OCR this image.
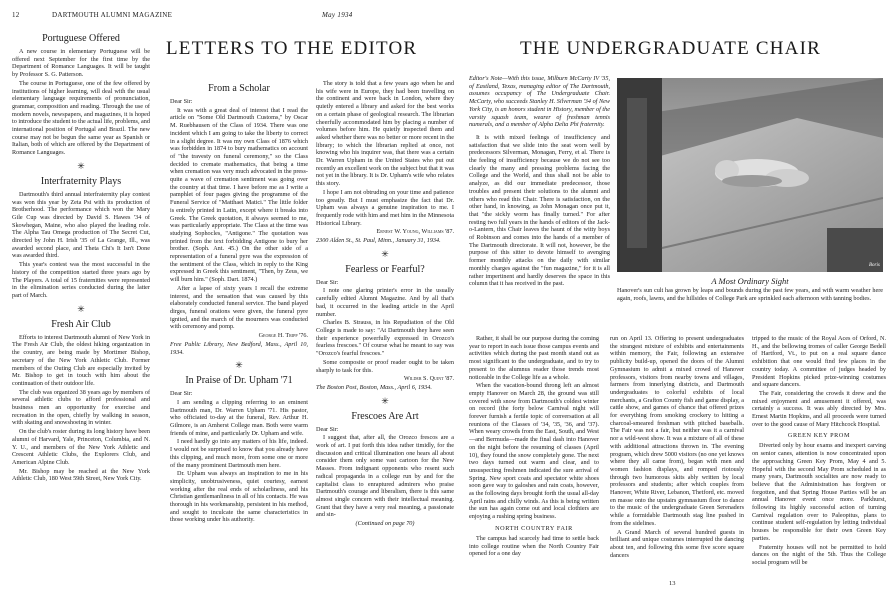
12	DARTMOUTH ALUMNI MAGAZINE	May 1934
LETTERS TO THE EDITOR	THE UNDERGRADUATE CHAIR
Portuguese Offered

A new course in elementary Portuguese will be offered next September for the first time by the Department of Romance Languages. It will be taught by Professor S. G. Patterson.

The course in Portuguese, one of the few offered by institutions of higher learning, will deal with the usual elementary language requirements of pronunciation, grammar, composition and reading. Through the use of modern novels, newspapers, and magazines, it is hoped to introduce the student to the actual life, problems, and international position of Portugal and Brazil. The new course may not be begun the same year as Spanish or Italian, both of which are offered by the Department of Romance Languages.

✳
Interfraternity Plays

Dartmouth's third annual interfraternity play contest was won this year by Zeta Psi with its production of Brotherhood. The performance which won the Mary Gile Cup was directed by David S. Hawes '34 of Skowhegan, Maine, who also played the leading role. The Alpha Tau Omega production of The Secret Cut, directed by John H. Irish '35 of La Grange, Ill., was awarded second place, and Theta Chi's It Isn't Done was awarded third.

This year's contest was the most successful in the history of the competition started three years ago by The Players. A total of 15 fraternities were represented in the elimination series conducted during the latter part of March.

✳
Fresh Air Club

Efforts to interest Dartmouth alumni of New York in The Fresh Air Club, the oldest hiking organization in the country, are being made by Mortimer Bishop, secretary of the New York Athletic Club. Former members of the Outing Club are especially invited by Mr. Bishop to get in touch with him about the continuation of their outdoor life.

The club was organized 38 years ago by members of several athletic clubs to afford professional and business men an opportunity for exercise and recreation in the open, chiefly by walking in season, with skating and snowshoeing in winter.

On the club's roster during its long history have been alumni of Harvard, Yale, Princeton, Columbia, and N. Y. U., and members of the New York Athletic and Crescent Athletic Clubs, the Explorers Club, and American Alpine Club.

Mr. Bishop may be reached at the New York Athletic Club, 180 West 59th Street, New York City.

From a Scholar

Dear Sir:

It was with a great deal of interest that I read the article on "Some Old Dartmouth Customs," by Oscar M. Ruebhausen of the Class of 1934. There was one incident which I am going to take the liberty to correct in a slight degree. It was my own Class of 1876 which was forbidden in 1874 to bury mathematics on account of "the travesty on funeral ceremony," so the Class decided to cremate mathematics, that being a time when cremation was very much advocated in the press-quite a wave of cremation sentiment was going over the country at that time. I have before me as I write a pamphlet of four pages giving the programme of the Funeral Service of "Matthaei Matici." The little folder is entirely printed in Latin, except where it breaks into Greek. The Greek quotation, it always seemed to me, was particularly appropriate. The Class at the time was studying Sophocles, "Antigone." The quotation was printed from the text forbidding Antigone to bury her brother. (Soph. Ant. 45.) On the other side of a representation of a funeral pyre was the expression of the sentiment of the Class, which in reply to the King expressed in Greek this sentiment, "Then, by Zeus, we will burn him." (Soph. Dart. 1874.)

After a lapse of sixty years I recall the extreme interest, and the sensation that was caused by this elaborately conducted funeral service. The band played dirges, funeral orations were given, the funeral pyre ignited, and the march of the mourners was conducted with ceremony and pomp.

George H. Tripp '76.

Free Public Library, New Bedford, Mass., April 10, 1934.

✳
In Praise of Dr. Upham '71

Dear Sir:

I am sending a clipping referring to an eminent Dartmouth man, Dr. Warren Upham '71. His pastor, who officiated to-day at the funeral, Rev. Arthur H. Gilmore, is an Amherst College man. Both were warm friends of mine, and particularly Dr. Upham and wife.

I need hardly go into any matters of his life, indeed. I would not be surprised to know that you already have this clipping, and much more, from some one or more of the many prominent Dartmouth men here.

Dr. Upham was always an inspiration to me in his simplicity, unobtrusiveness, quiet courtesy, earnest working after the real ends of scholarliness, and his Christian gentlemanliness in all of his contacts. He was thorough in his workmanship, persistent in his method, and sought to inculcate the same characteristics in those working under his authority.

The story is told that a few years ago when he and his wife were in Europe, they had been travelling on the continent and were back in London, where they quietly entered a library and asked for the best works on a certain phase of geological research. The librarian cheerfully accommodated him by placing a number of volumes before him. He quietly inspected them and asked whether there was no better or more recent in the library; to which the librarian replied at once, not knowing who his inquirer was, that there was a certain Dr. Warren Upham in the United States who put out recently an excellent work on the subject but that it was not yet in the library. It is Dr. Upham's wife who relates this story.

I hope I am not obtruding on your time and patience too greatly. But I must emphasize the fact that Dr. Upham was always a genuine inspiration to me. I frequently rode with him and met him in the Minnesota Historical Library.

Ernest W. Young, Williams '87.

2300 Alden St., St. Paul, Minn., January 31, 1934.

✳
Fearless or Fearful?

Dear Sir:

I note one glaring printer's error in the usually carefully edited Alumni Magazine. And by all that's bad, it occurred in the leading article in the April number.

Charles B. Strauss, in his Repudiation of the Old College is made to say: "At Dartmouth they have seen their experience powerfully expressed in Orozco's fearless frescoes." Of course what he meant to say was "Orozco's fearful frescoes."

Some composite or proof reader ought to be taken sharply to task for this.

Wilder S. Quint '87.

The Boston Post, Boston, Mass., April 6, 1934.

✳
Frescoes Are Art

Dear Sir:

I suggest that, after all, the Orozco frescos are a work of art. I put forth this idea rather timidly, for the discussion and critical illumination one hears all about consider them only some vast cartoon for the New Masses. From indignant opponents who resent such radical propaganda in a college run by and for the capitalist class to enraptured admirers who praise Dartmouth's courage and liberalism, there is this same almost single concern with their intellectual meaning. Grant that they have a very real meaning, a passionate and sin-

(Continued on page 70)

Editor's Note—With this issue, Milburn McCarty IV '35, of Eastland, Texas, managing editor of The Dartmouth, assumes occupancy of The Undergraduate Chair. McCarty, who succeeds Stanley H. Silverman '34 of New York City, is an honors student in History, member of the varsity squash team, wearer of freshman tennis numerals, and a member of Alpha Delta Phi fraternity.

It is with mixed feelings of insufficiency and satisfaction that we slide into the seat worn well by predecessors Silverman, Monagan, Ferry, et al. There is the feeling of insufficiency because we do not see too clearly the many and pressing problems facing the College and the World, and thus shall not be able to analyze, as did our immediate predecessor, those troubles and present their solutions to the alumni and others who read this Chair. There is satisfaction, on the other hand, in knowing, as John Monagan once put it, that "the sickly worm has finally turned." For after resting two full years in the hands of editors of the Jack-o-Lantern, this Chair leaves the haunt of the witty boys of Robinson and comes into the hands of a member of The Dartmouth directorate. It will not, however, be the purpose of this sitter to devote himself to avenging former monthly attacks on the daily with similar monthly charges against the "fun magazine," for it is all rather impertinent and hardly deserves the space in this column that it has received in the past.

Boris
A Most Ordinary Sight
Hanover's sun cult has grown by leaps and bounds during the past few years, and with warm weather here again, roofs, lawns, and the hillsides of College Park are sprinkled each afternoon with tanning bodies.

Rather, it shall be our purpose during the coming year to report in each issue those campus events and activities which during the past month stand out as most significant to the undergraduate, and to try to present to the alumnus reader those trends most noticeable in the College life as a whole.

When the vacation-bound throng left an almost empty Hanover on March 28, the ground was still covered with snow from Dartmouth's coldest winter on record (the forty below Carnival night will forever furnish a fertile topic of conversation at all reunions of the Classes of '34, '35, '36, and '37). When weary crowds from the East, South, and West—and Bermuda—made the final dash into Hanover on the night before the resuming of classes (April 10), they found the snow completely gone. The next two days turned out warm and clear, and to unsuspecting freshmen indicated the sure arrival of Spring. New sport coats and spectator white shoes soon gave way to galoshes and rain coats, however, as the following days brought forth the usual all-day April rains and chilly winds. As this is being written the sun has again come out and local clothiers are enjoying a rushing spring business.

NORTH COUNTRY FAIR

The campus had scarcely had time to settle back into college routine when the North Country Fair opened for a one day

run on April 13. Offering to present undergraduates the strangest mixture of exhibits and entertainments within memory, the Fair, following an extensive publicity build-up, opened the doors of the Alumni Gymnasium to admit a mixed crowd of Hanover professors, visitors from nearby towns and villages, farmers from innerlying districts, and Dartmouth undergraduates to colorful exhibits of local merchants, a Grafton County fish and game display, a cattle show, and games of chance that offered prizes for everything from smoking crockery to hitting a charcoal-smeared freshman with pitched baseballs. The Fair was not a fair, but neither was it a carnival nor a wild-west show. It was a mixture of all of these with additional attractions thrown in. The evening program, which drew 5000 visitors (no one yet knows where they all came from), began with men and women fashion displays, and romped riotously through two humorous skits ably written by local professors and students; after which couples from Hanover, White River, Lebanon, Thetford, etc. moved en masse onto the upstairs gymnasium floor to dance to the music of the undergraduate Green Serenaders while a formidable Dartmouth stag line pushed in from the sidelines.

A Grand March of several hundred guests in brilliant and unique costumes interrupted the dancing about ten, and following this some five score square dancers

tripped to the music of the Royal Aces of Orford, N. H., and the bellowing tromes of caller George Bedell of Hartford, Vt., to put on a real square dance exhibition that one would find few places in the country today. A committee of judges headed by President Hopkins picked prize-winning costumes and square dancers.

The Fair, considering the crowds it drew and the mixed enjoyment and amusement it offered, was certainly a success. It was ably directed by Mrs. Ernest Martin Hopkins, and all proceeds were turned over to the good cause of Mary Hitchcock Hospital.

GREEN KEY PROM

Diverted only by hour exams and inexpert carving on senior canes, attention is now concentrated upon the approaching Green Key Prom, May 4 and 5. Hopeful with the second May Prom scheduled in as many years, Dartmouth socialites are now ready to believe that the Administration has forgiven or forgotten, and that Spring House Parties will be an annual Hanover event once more. Parkhurst, following its highly successful action of turning Carnival regulation over to Paleopitus, plans to continue student self-regulation by letting individual houses be responsible for their own Green Key parties.

Fraternity houses will not be permitted to hold dances on the night of the 5th. Thus the College social program will be

13
